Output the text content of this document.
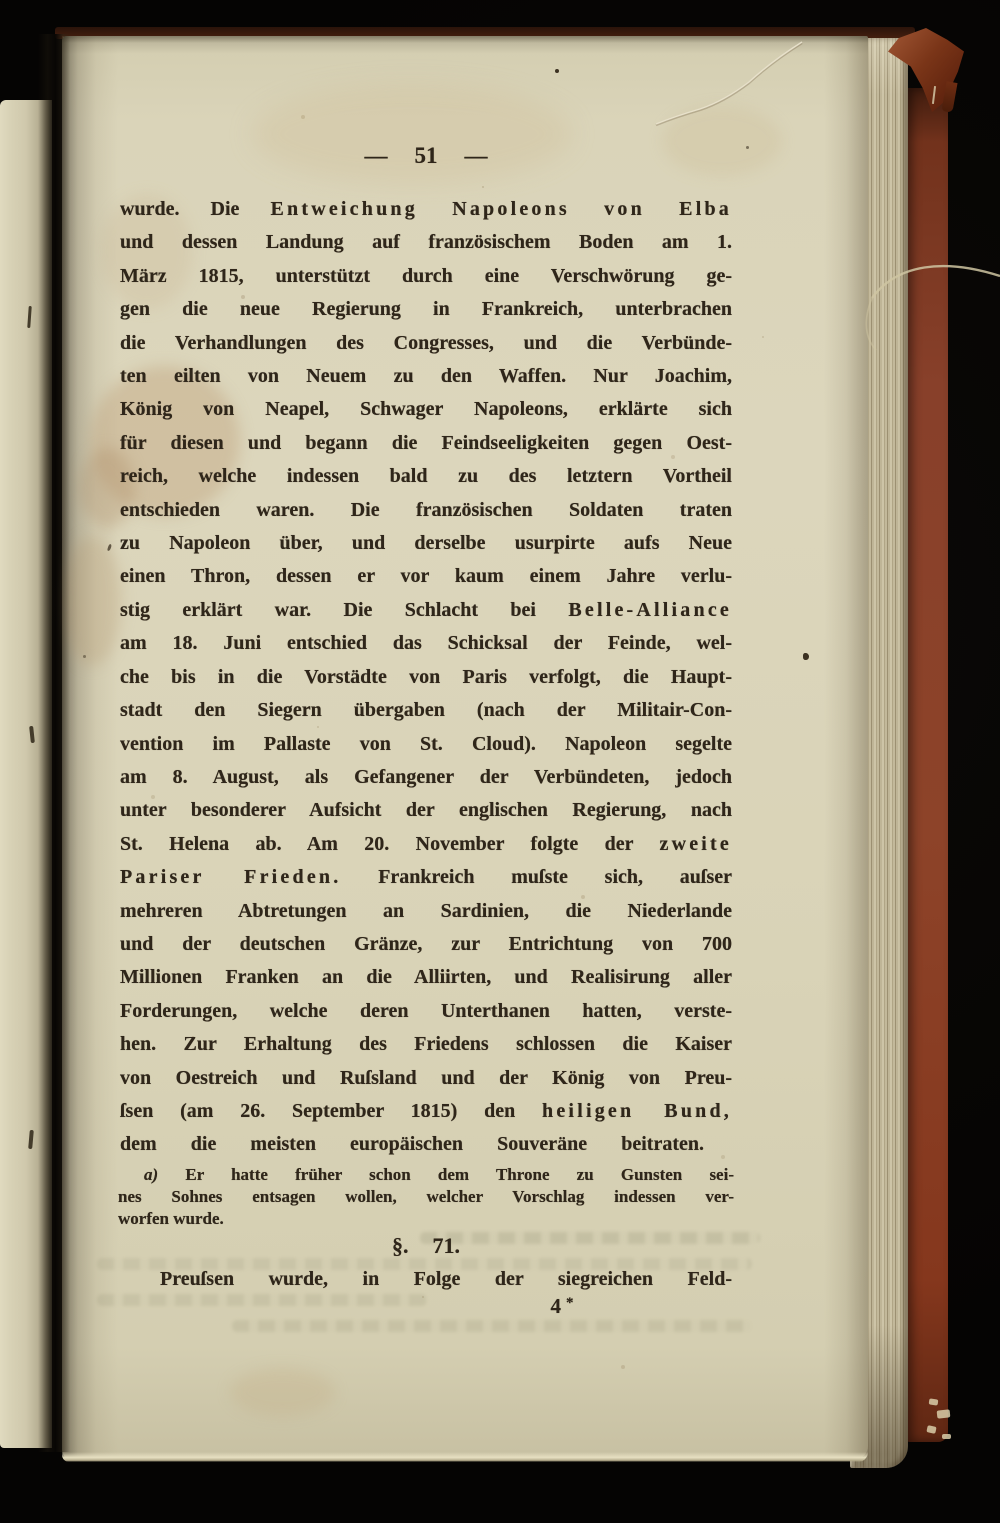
— 51 —
wurde. Die Entweichung Napoleons von Elba
und dessen Landung auf französischem Boden am 1.
März 1815, unterstützt durch eine Verschwörung ge-
gen die neue Regierung in Frankreich, unterbrachen
die Verhandlungen des Congresses, und die Verbünde-
ten eilten von Neuem zu den Waffen. Nur Joachim,
König von Neapel, Schwager Napoleons, erklärte sich
für diesen und begann die Feindseeligkeiten gegen Oest-
reich, welche indessen bald zu des letztern Vortheil
entschieden waren. Die französischen Soldaten traten
zu Napoleon über, und derselbe usurpirte aufs Neue
einen Thron, dessen er vor kaum einem Jahre verlu-
stig erklärt war. Die Schlacht bei Belle-Alliance
am 18. Juni entschied das Schicksal der Feinde, wel-
che bis in die Vorstädte von Paris verfolgt, die Haupt-
stadt den Siegern übergaben (nach der Militair-Con-
vention im Pallaste von St. Cloud). Napoleon segelte
am 8. August, als Gefangener der Verbündeten, jedoch
unter besonderer Aufsicht der englischen Regierung, nach
St. Helena ab. Am 20. November folgte der zweite
Pariser Frieden. Frankreich muſste sich, auſser
mehreren Abtretungen an Sardinien, die Niederlande
und der deutschen Gränze, zur Entrichtung von 700
Millionen Franken an die Alliirten, und Realisirung aller
Forderungen, welche deren Unterthanen hatten, verste-
hen. Zur Erhaltung des Friedens schlossen die Kaiser
von Oestreich und Ruſsland und der König von Preu-
ſsen (am 26. September 1815) den heiligen Bund,
dem die meisten europäischen Souveräne beitraten.
a) Er hatte früher schon dem Throne zu Gunsten sei-
nes Sohnes entsagen wollen, welcher Vorschlag indessen ver-
worfen wurde.
§. 71.
Preuſsen wurde, in Folge der siegreichen Feld-
4 *
